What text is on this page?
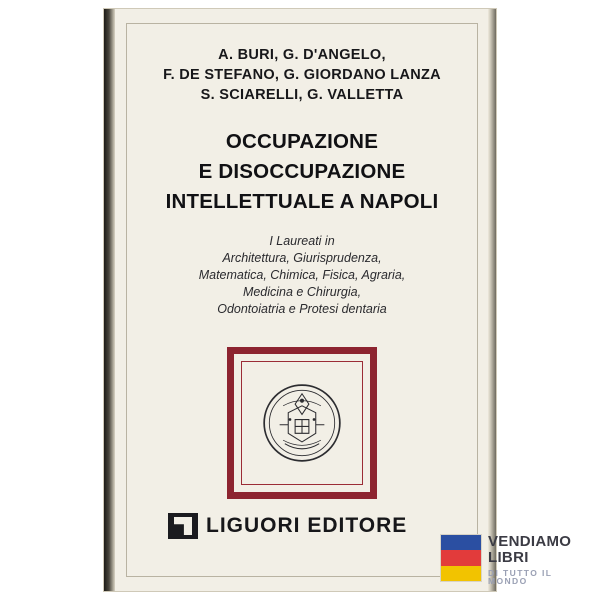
A. BURI, G. D'ANGELO,
F. DE STEFANO, G. GIORDANO LANZA
S. SCIARELLI, G. VALLETTA
OCCUPAZIONE
E DISOCCUPAZIONE
INTELLETTUALE A NAPOLI
I Laureati in
Architettura, Giurisprudenza,
Matematica, Chimica, Fisica, Agraria,
Medicina e Chirurgia,
Odontoiatria e Protesi dentaria
LIGUORI EDITORE
VENDIAMO
LIBRI
DI TUTTO IL MONDO
